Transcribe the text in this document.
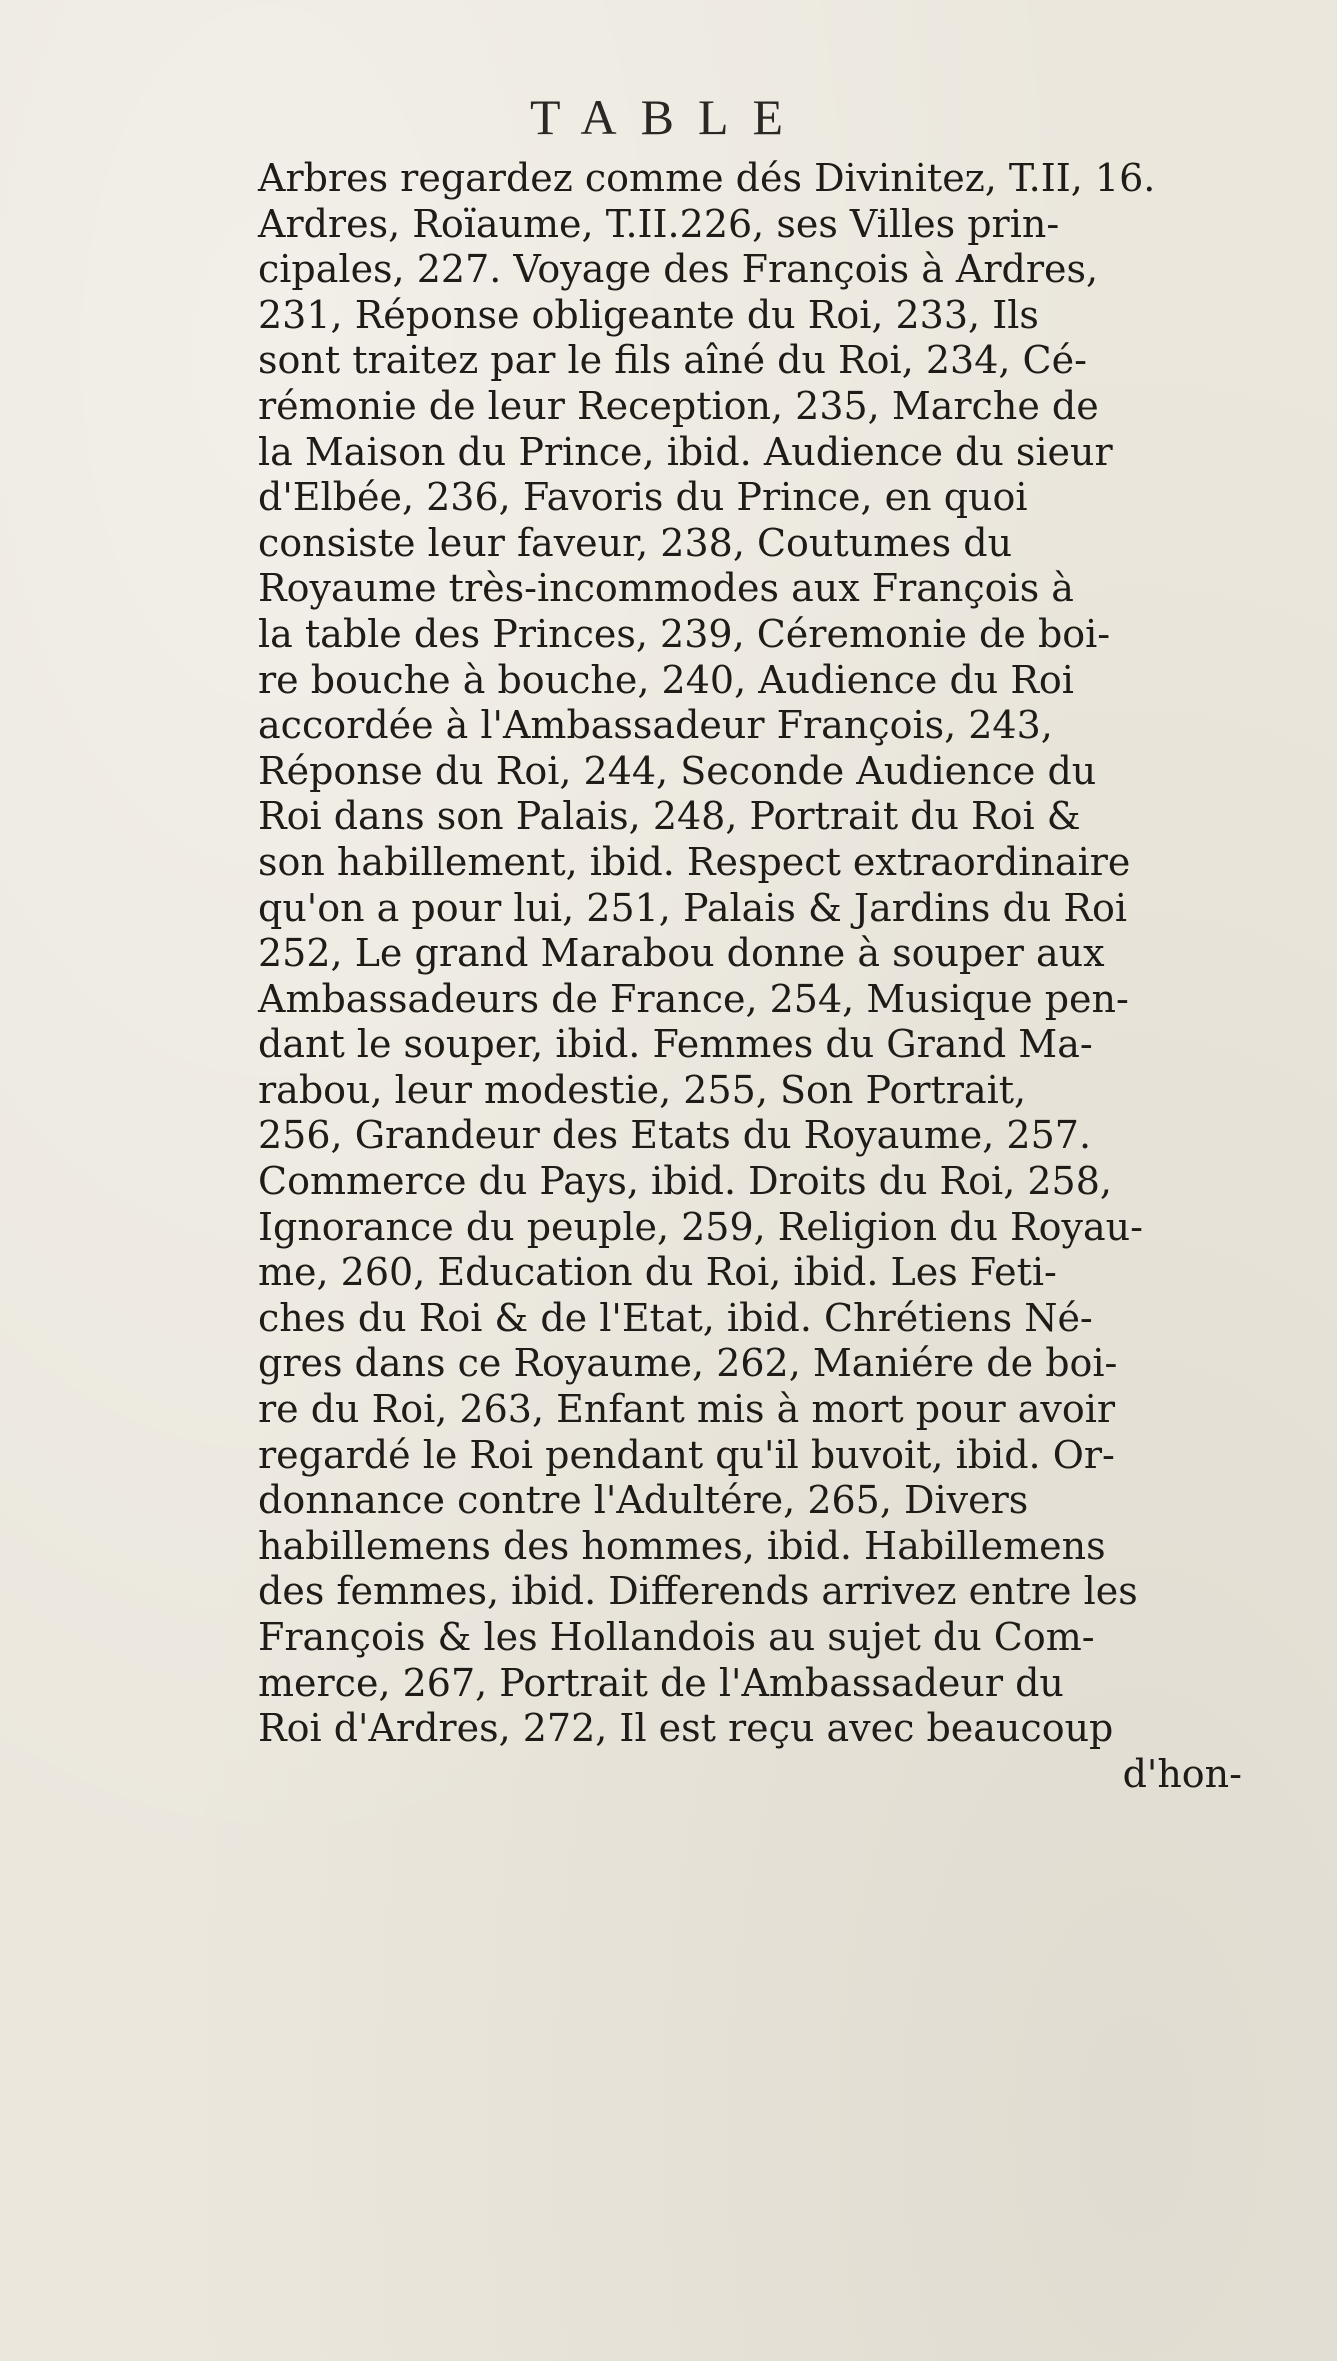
TABLE
Arbres regardez comme dés Divinitez, T.II, 16.
Ardres, Roïaume, T.II.226, ses Villes prin-
cipales, 227. Voyage des François à Ardres,
231, Réponse obligeante du Roi, 233, Ils
sont traitez par le fils aîné du Roi, 234, Cé-
rémonie de leur Reception, 235, Marche de
la Maison du Prince, ibid. Audience du sieur
d'Elbée, 236, Favoris du Prince, en quoi
consiste leur faveur, 238, Coutumes du
Royaume très-incommodes aux François à
la table des Princes, 239, Céremonie de boi-
re bouche à bouche, 240, Audience du Roi
accordée à l'Ambassadeur François, 243,
Réponse du Roi, 244, Seconde Audience du
Roi dans son Palais, 248, Portrait du Roi &
son habillement, ibid. Respect extraordinaire
qu'on a pour lui, 251, Palais & Jardins du Roi
252, Le grand Marabou donne à souper aux
Ambassadeurs de France, 254, Musique pen-
dant le souper, ibid. Femmes du Grand Ma-
rabou, leur modestie, 255, Son Portrait,
256, Grandeur des Etats du Royaume, 257.
Commerce du Pays, ibid. Droits du Roi, 258,
Ignorance du peuple, 259, Religion du Royau-
me, 260, Education du Roi, ibid. Les Feti-
ches du Roi & de l'Etat, ibid. Chrétiens Né-
gres dans ce Royaume, 262, Maniére de boi-
re du Roi, 263, Enfant mis à mort pour avoir
regardé le Roi pendant qu'il buvoit, ibid. Or-
donnance contre l'Adultére, 265, Divers
habillemens des hommes, ibid. Habillemens
des femmes, ibid. Differends arrivez entre les
François & les Hollandois au sujet du Com-
merce, 267, Portrait de l'Ambassadeur du
Roi d'Ardres, 272, Il est reçu avec beaucoup
d'hon-
